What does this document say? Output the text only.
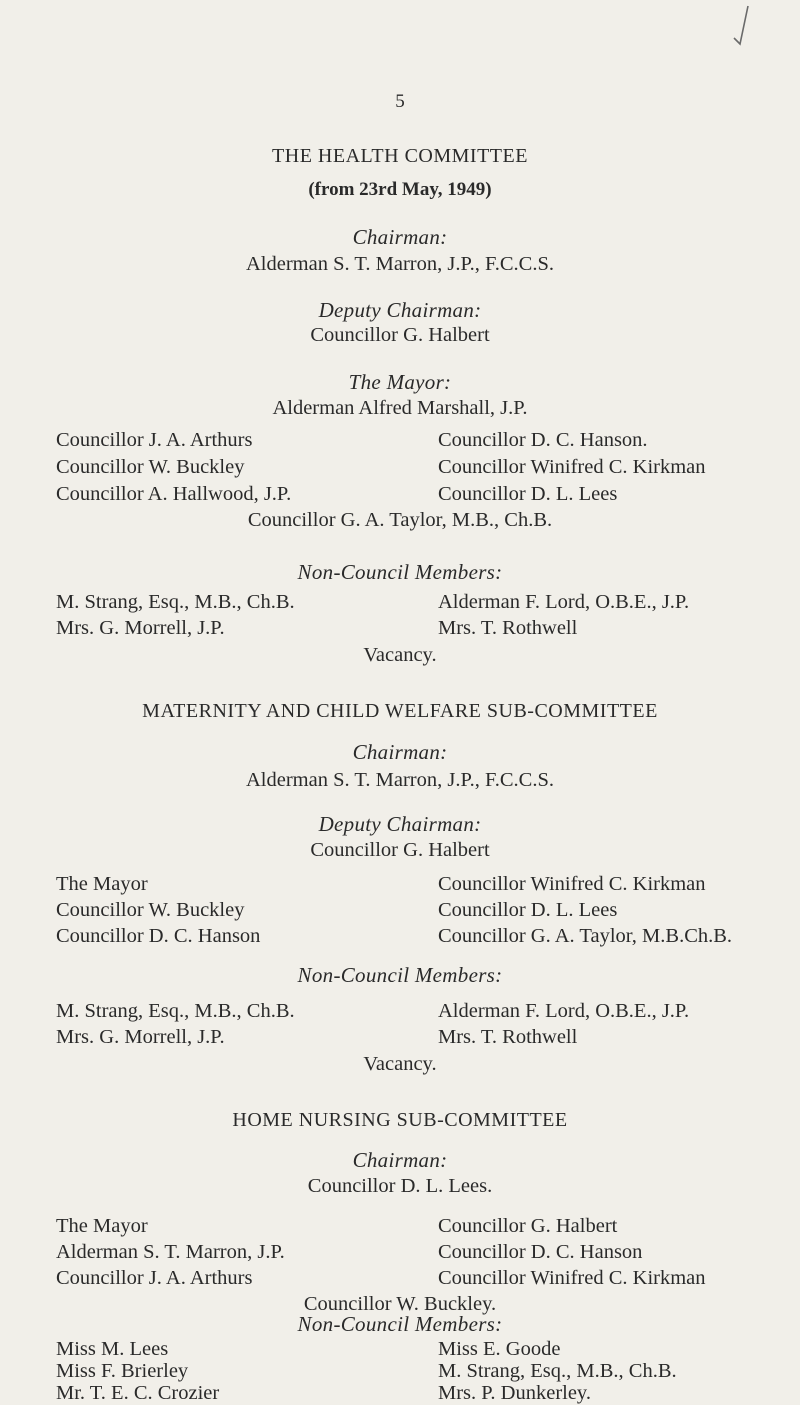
5
THE HEALTH COMMITTEE
(from 23rd May, 1949)
Chairman:
Alderman S. T. Marron, J.P., F.C.C.S.
Deputy Chairman:
Councillor G. Halbert
The Mayor:
Alderman Alfred Marshall, J.P.
Councillor J. A. Arthurs
Councillor W. Buckley
Councillor A. Hallwood, J.P.
Councillor D. C. Hanson.
Councillor Winifred C. Kirkman
Councillor D. L. Lees
Councillor G. A. Taylor, M.B., Ch.B.
Non-Council Members:
M. Strang, Esq., M.B., Ch.B.
Mrs. G. Morrell, J.P.
Alderman F. Lord, O.B.E., J.P.
Mrs. T. Rothwell
Vacancy.
MATERNITY AND CHILD WELFARE SUB-COMMITTEE
Chairman:
Alderman S. T. Marron, J.P., F.C.C.S.
Deputy Chairman:
Councillor G. Halbert
The Mayor
Councillor W. Buckley
Councillor D. C. Hanson
Councillor Winifred C. Kirkman
Councillor D. L. Lees
Councillor G. A. Taylor, M.B.Ch.B.
Non-Council Members:
M. Strang, Esq., M.B., Ch.B.
Mrs. G. Morrell, J.P.
Alderman F. Lord, O.B.E., J.P.
Mrs. T. Rothwell
Vacancy.
HOME NURSING SUB-COMMITTEE
Chairman:
Councillor D. L. Lees.
The Mayor
Alderman S. T. Marron, J.P.
Councillor J. A. Arthurs
Councillor G. Halbert
Councillor D. C. Hanson
Councillor Winifred C. Kirkman
Councillor W. Buckley.
Non-Council Members:
Miss M. Lees
Miss F. Brierley
Mr. T. E. C. Crozier
Miss E. Goode
M. Strang, Esq., M.B., Ch.B.
Mrs. P. Dunkerley.
